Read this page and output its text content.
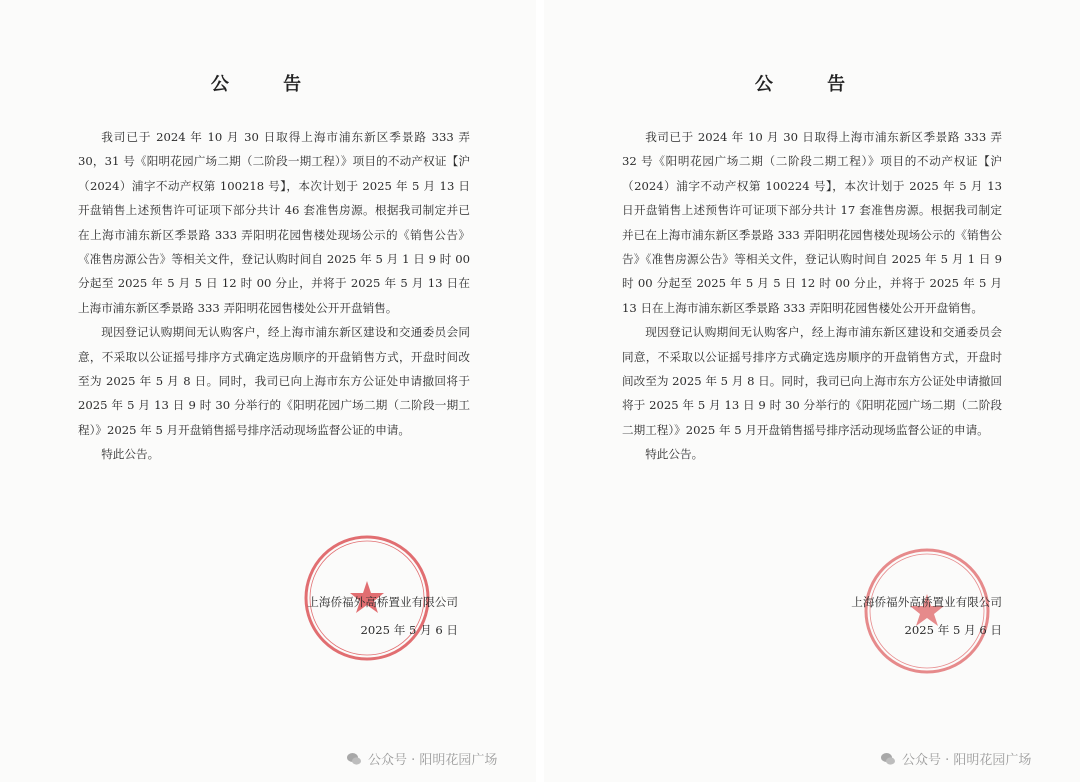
公 告

我司已于 2024 年 10 月 30 日取得上海市浦东新区季景路 333 弄 30，31 号《阳明花园广场二期（二阶段一期工程）》项目的不动产权证【沪（2024）浦字不动产权第 100218 号】，本次计划于 2025 年 5 月 13 日开盘销售上述预售许可证项下部分共计 46 套准售房源。根据我司制定并已在上海市浦东新区季景路 333 弄阳明花园售楼处现场公示的《销售公告》《准售房源公告》等相关文件，登记认购时间自 2025 年 5 月 1 日 9 时 00 分起至 2025 年 5 月 5 日 12 时 00 分止，并将于 2025 年 5 月 13 日在上海市浦东新区季景路 333 弄阳明花园售楼处公开开盘销售。

现因登记认购期间无认购客户，经上海市浦东新区建设和交通委员会同意，不采取以公证摇号排序方式确定选房顺序的开盘销售方式，开盘时间改至为 2025 年 5 月 8 日。同时，我司已向上海市东方公证处申请撤回将于 2025 年 5 月 13 日 9 时 30 分举行的《阳明花园广场二期（二阶段一期工程）》2025 年 5 月开盘销售摇号排序活动现场监督公证的申请。

特此公告。

上海侨福外高桥置业有限公司
2025 年 5 月 6 日
公众号 · 阳明花园广场
公 告

我司已于 2024 年 10 月 30 日取得上海市浦东新区季景路 333 弄 32 号《阳明花园广场二期（二阶段二期工程）》项目的不动产权证【沪（2024）浦字不动产权第 100224 号】，本次计划于 2025 年 5 月 13 日开盘销售上述预售许可证项下部分共计 17 套准售房源。根据我司制定并已在上海市浦东新区季景路 333 弄阳明花园售楼处现场公示的《销售公告》《准售房源公告》等相关文件，登记认购时间自 2025 年 5 月 1 日 9 时 00 分起至 2025 年 5 月 5 日 12 时 00 分止，并将于 2025 年 5 月 13 日在上海市浦东新区季景路 333 弄阳明花园售楼处公开开盘销售。

现因登记认购期间无认购客户，经上海市浦东新区建设和交通委员会同意，不采取以公证摇号排序方式确定选房顺序的开盘销售方式，开盘时间改至为 2025 年 5 月 8 日。同时，我司已向上海市东方公证处申请撤回将于 2025 年 5 月 13 日 9 时 30 分举行的《阳明花园广场二期（二阶段二期工程）》2025 年 5 月开盘销售摇号排序活动现场监督公证的申请。

特此公告。

上海侨福外高桥置业有限公司
2025 年 5 月 6 日
公众号 · 阳明花园广场
